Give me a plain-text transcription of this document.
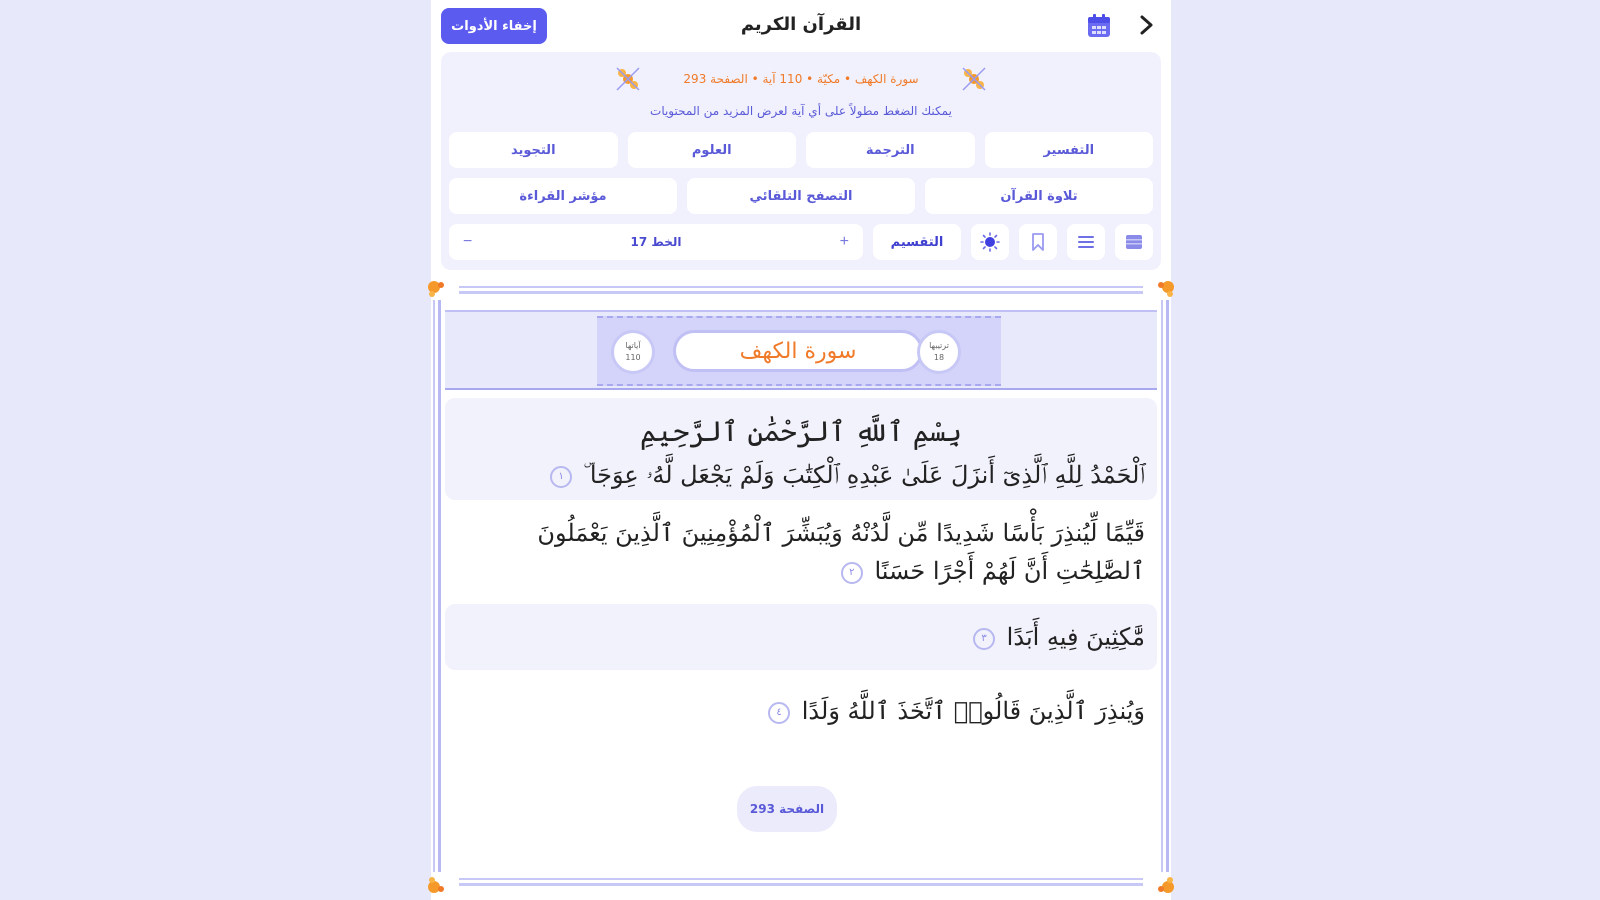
القرآن الكريم
إخفاء الأدوات
سورة الكهف • مكيّة • 110 آية • الصفحة 293
يمكنك الضغط مطولاً على أي آية لعرض المزيد من المحتويات
التفسير
الترجمة
العلوم
التجويد
تلاوة القرآن
التصفح التلقائي
مؤشر القراءة
التقسيم
+
الخط 17
−
آياتها
110	سورة الكهف	ترتيبها
18
بِسْمِ ٱللَّهِ ٱلرَّحْمَٰنِ ٱلرَّحِيمِ
ٱلْحَمْدُ لِلَّهِ ٱلَّذِىٓ أَنزَلَ عَلَىٰ عَبْدِهِ ٱلْكِتَٰبَ وَلَمْ يَجْعَل لَّهُۥ عِوَجَا ۜ ١
قَيِّمًا لِّيُنذِرَ بَأْسًا شَدِيدًا مِّن لَّدُنْهُ وَيُبَشِّرَ ٱلْمُؤْمِنِينَ ٱلَّذِينَ يَعْمَلُونَ ٱلصَّٰلِحَٰتِ أَنَّ لَهُمْ أَجْرًا حَسَنًا ٢
مَّٰكِثِينَ فِيهِ أَبَدًا ٣
وَيُنذِرَ ٱلَّذِينَ قَالُوا۟ ٱتَّخَذَ ٱللَّهُ وَلَدًا ٤
الصفحة 293
